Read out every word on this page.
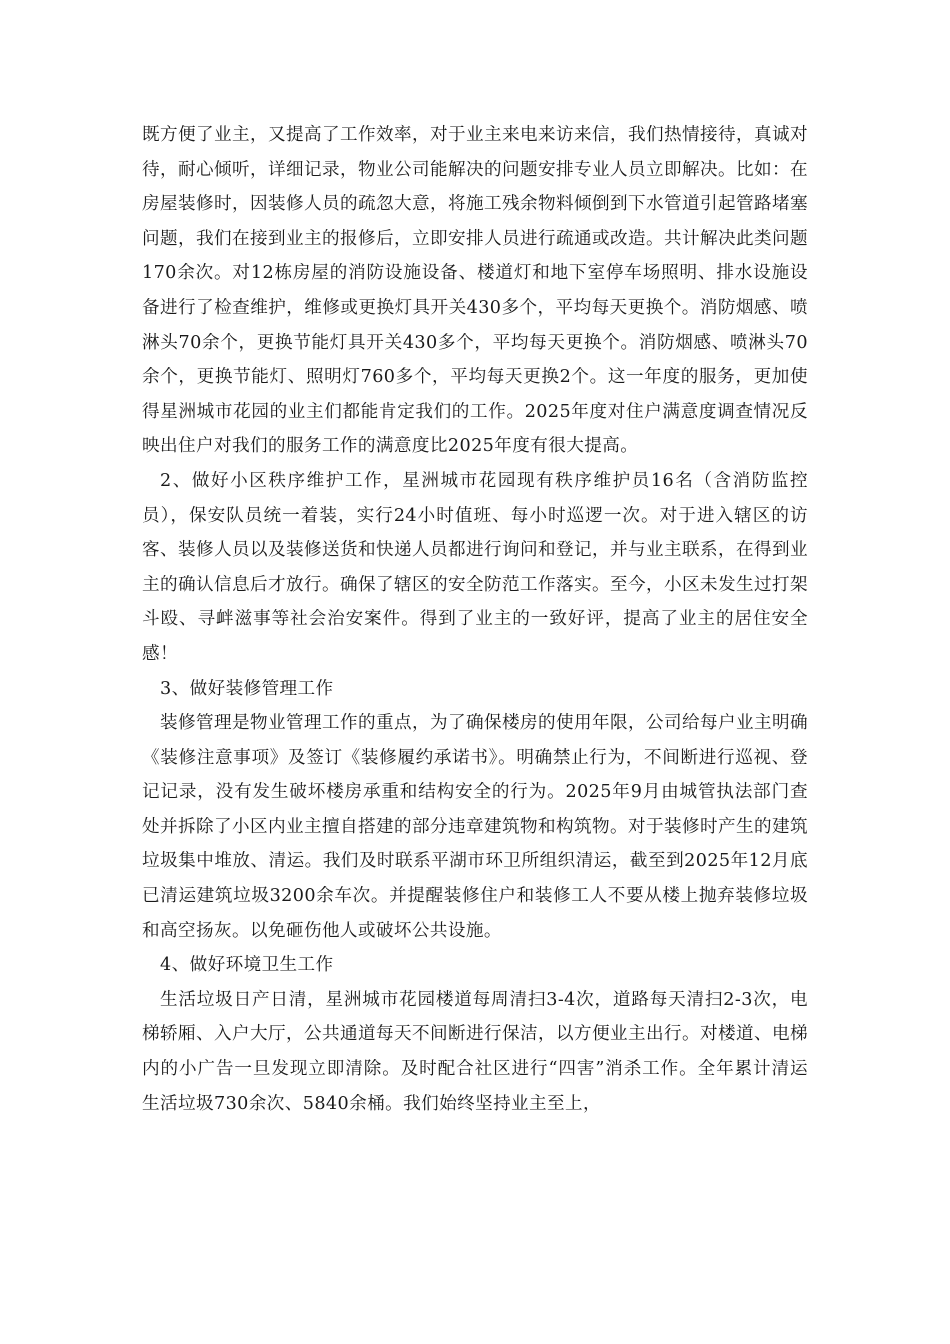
既方便了业主，又提高了工作效率，对于业主来电来访来信，我们热情接待，真诚对待，耐心倾听，详细记录，物业公司能解决的问题安排专业人员立即解决。比如：在房屋装修时，因装修人员的疏忽大意，将施工残余物料倾倒到下水管道引起管路堵塞问题，我们在接到业主的报修后，立即安排人员进行疏通或改造。共计解决此类问题170余次。对12栋房屋的消防设施设备、楼道灯和地下室停车场照明、排水设施设备进行了检查维护，维修或更换灯具开关430多个，平均每天更换个。消防烟感、喷淋头70余个，更换节能灯具开关430多个，平均每天更换个。消防烟感、喷淋头70余个，更换节能灯、照明灯760多个，平均每天更换2个。这一年度的服务，更加使得星洲城市花园的业主们都能肯定我们的工作。2025年度对住户满意度调查情况反映出住户对我们的服务工作的满意度比2025年度有很大提高。

2、做好小区秩序维护工作，星洲城市花园现有秩序维护员16名（含消防监控员），保安队员统一着装，实行24小时值班、每小时巡逻一次。对于进入辖区的访客、装修人员以及装修送货和快递人员都进行询问和登记，并与业主联系，在得到业主的确认信息后才放行。确保了辖区的安全防范工作落实。至今，小区未发生过打架斗殴、寻衅滋事等社会治安案件。得到了业主的一致好评，提高了业主的居住安全感！

3、做好装修管理工作

装修管理是物业管理工作的重点，为了确保楼房的使用年限，公司给每户业主明确《装修注意事项》及签订《装修履约承诺书》。明确禁止行为，不间断进行巡视、登记记录，没有发生破坏楼房承重和结构安全的行为。2025年9月由城管执法部门查处并拆除了小区内业主擅自搭建的部分违章建筑物和构筑物。对于装修时产生的建筑垃圾集中堆放、清运。我们及时联系平湖市环卫所组织清运，截至到2025年12月底已清运建筑垃圾3200余车次。并提醒装修住户和装修工人不要从楼上抛弃装修垃圾和高空扬灰。以免砸伤他人或破坏公共设施。

4、做好环境卫生工作

生活垃圾日产日清，星洲城市花园楼道每周清扫3-4次，道路每天清扫2-3次，电梯轿厢、入户大厅，公共通道每天不间断进行保洁，以方便业主出行。对楼道、电梯内的小广告一旦发现立即清除。及时配合社区进行“四害”消杀工作。全年累计清运生活垃圾730余次、5840余桶。我们始终坚持业主至上，
